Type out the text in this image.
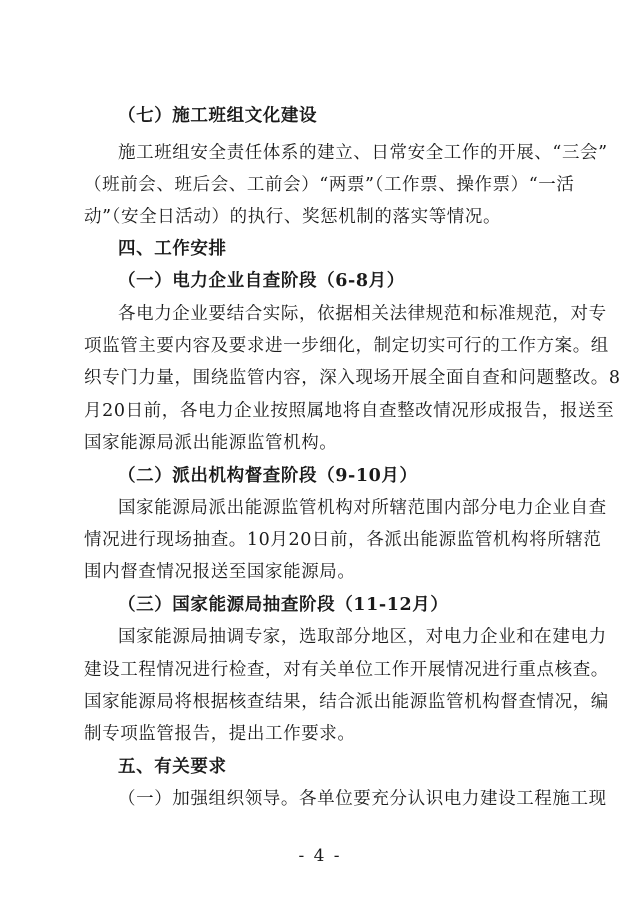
（七）施工班组文化建设
施工班组安全责任体系的建立、日常安全工作的开展、“三会”
（班前会、班后会、工前会）“两票”（工作票、操作票）“一活
动”（安全日活动）的执行、奖惩机制的落实等情况。
四、工作安排
（一）电力企业自查阶段（6-8月）
各电力企业要结合实际，依据相关法律规范和标准规范，对专
项监管主要内容及要求进一步细化，制定切实可行的工作方案。组
织专门力量，围绕监管内容，深入现场开展全面自查和问题整改。8
月20日前，各电力企业按照属地将自查整改情况形成报告，报送至
国家能源局派出能源监管机构。
（二）派出机构督查阶段（9-10月）
国家能源局派出能源监管机构对所辖范围内部分电力企业自查
情况进行现场抽查。10月20日前，各派出能源监管机构将所辖范
围内督查情况报送至国家能源局。
（三）国家能源局抽查阶段（11-12月）
国家能源局抽调专家，选取部分地区，对电力企业和在建电力
建设工程情况进行检查，对有关单位工作开展情况进行重点核查。
国家能源局将根据核查结果，结合派出能源监管机构督查情况，编
制专项监管报告，提出工作要求。
五、有关要求
（一）加强组织领导。各单位要充分认识电力建设工程施工现
- 4 -
